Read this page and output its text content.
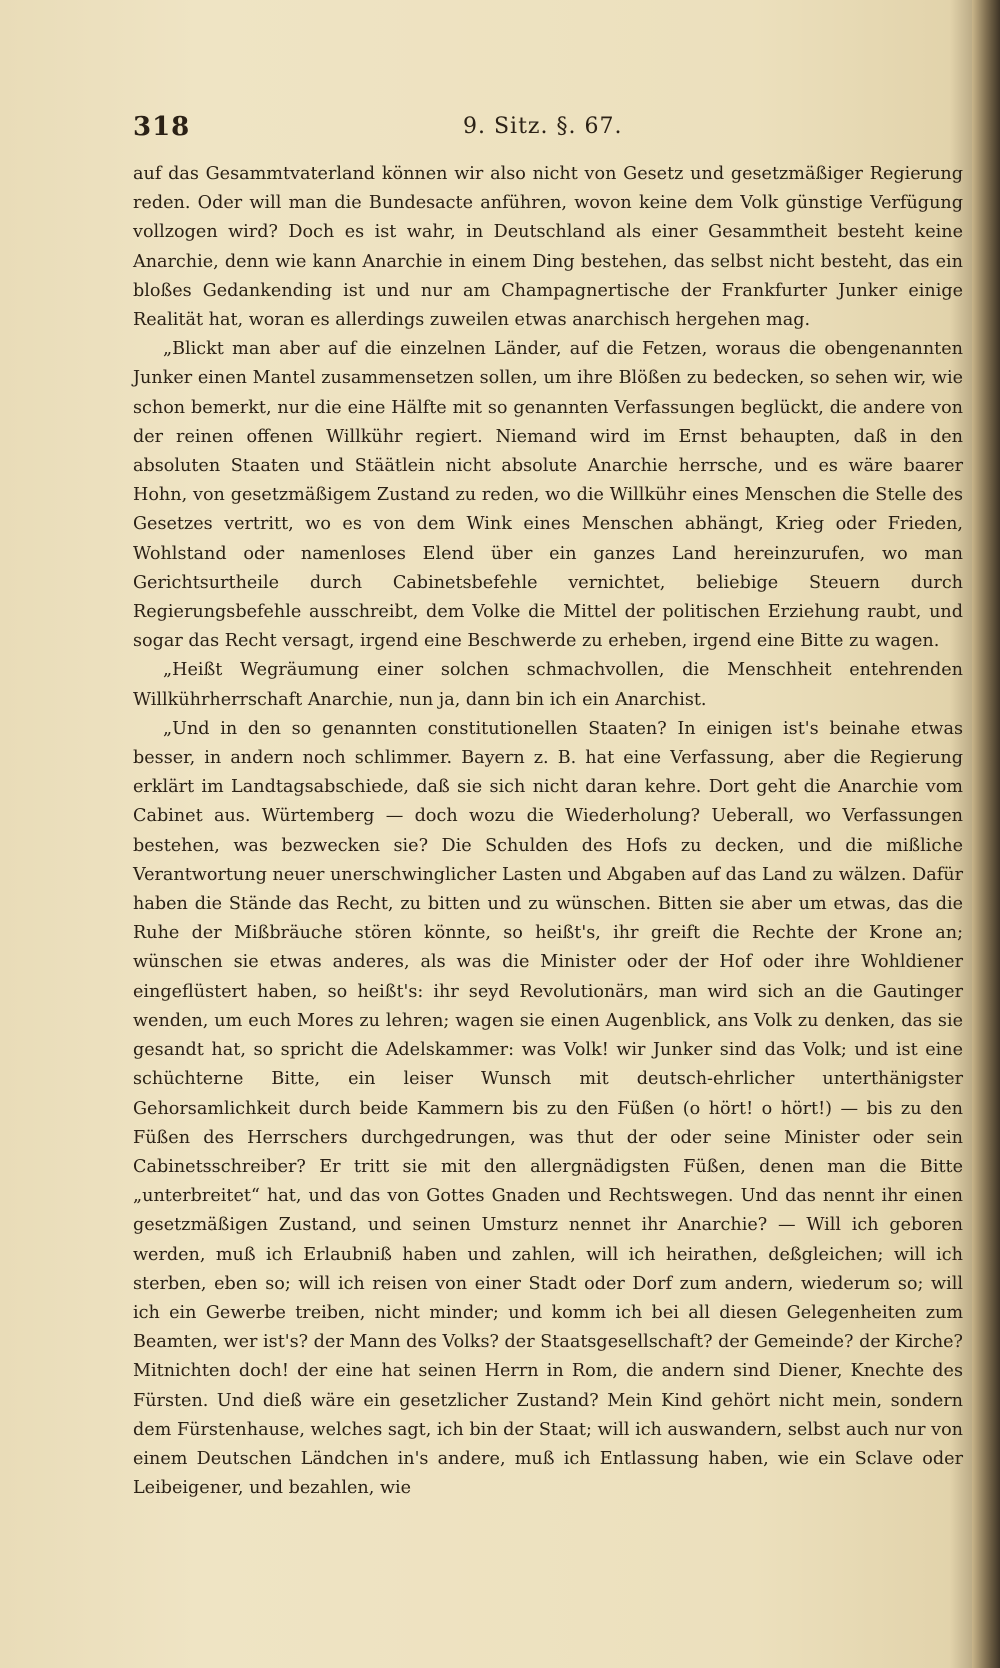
318	9. Sitz. §. 67.

auf das Gesammtvaterland können wir also nicht von Gesetz und gesetzmäßiger Regierung reden. Oder will man die Bundesacte anführen, wovon keine dem Volk günstige Verfügung vollzogen wird? Doch es ist wahr, in Deutschland als einer Gesammtheit besteht keine Anarchie, denn wie kann Anarchie in einem Ding bestehen, das selbst nicht besteht, das ein bloßes Gedankending ist und nur am Champagnertische der Frankfurter Junker einige Realität hat, woran es allerdings zuweilen etwas anarchisch hergehen mag.

„Blickt man aber auf die einzelnen Länder, auf die Fetzen, woraus die obengenannten Junker einen Mantel zusammensetzen sollen, um ihre Blößen zu bedecken, so sehen wir, wie schon bemerkt, nur die eine Hälfte mit so genannten Verfassungen beglückt, die andere von der reinen offenen Willkühr regiert. Niemand wird im Ernst behaupten, daß in den absoluten Staaten und Stäätlein nicht absolute Anarchie herrsche, und es wäre baarer Hohn, von gesetzmäßigem Zustand zu reden, wo die Willkühr eines Menschen die Stelle des Gesetzes vertritt, wo es von dem Wink eines Menschen abhängt, Krieg oder Frieden, Wohlstand oder namenloses Elend über ein ganzes Land hereinzurufen, wo man Gerichtsurtheile durch Cabinetsbefehle vernichtet, beliebige Steuern durch Regierungsbefehle ausschreibt, dem Volke die Mittel der politischen Erziehung raubt, und sogar das Recht versagt, irgend eine Beschwerde zu erheben, irgend eine Bitte zu wagen.

„Heißt Wegräumung einer solchen schmachvollen, die Menschheit entehrenden Willkührherrschaft Anarchie, nun ja, dann bin ich ein Anarchist.

„Und in den so genannten constitutionellen Staaten? In einigen ist's beinahe etwas besser, in andern noch schlimmer. Bayern z. B. hat eine Verfassung, aber die Regierung erklärt im Landtagsabschiede, daß sie sich nicht daran kehre. Dort geht die Anarchie vom Cabinet aus. Würtemberg — doch wozu die Wiederholung? Ueberall, wo Verfassungen bestehen, was bezwecken sie? Die Schulden des Hofs zu decken, und die mißliche Verantwortung neuer unerschwinglicher Lasten und Abgaben auf das Land zu wälzen. Dafür haben die Stände das Recht, zu bitten und zu wünschen. Bitten sie aber um etwas, das die Ruhe der Mißbräuche stören könnte, so heißt's, ihr greift die Rechte der Krone an; wünschen sie etwas anderes, als was die Minister oder der Hof oder ihre Wohldiener eingeflüstert haben, so heißt's: ihr seyd Revolutionärs, man wird sich an die Gautinger wenden, um euch Mores zu lehren; wagen sie einen Augenblick, ans Volk zu denken, das sie gesandt hat, so spricht die Adelskammer: was Volk! wir Junker sind das Volk; und ist eine schüchterne Bitte, ein leiser Wunsch mit deutsch-ehrlicher unterthänigster Gehorsamlichkeit durch beide Kammern bis zu den Füßen (o hört! o hört!) — bis zu den Füßen des Herrschers durchgedrungen, was thut der oder seine Minister oder sein Cabinetsschreiber? Er tritt sie mit den allergnädigsten Füßen, denen man die Bitte „unterbreitet“ hat, und das von Gottes Gnaden und Rechtswegen. Und das nennt ihr einen gesetzmäßigen Zustand, und seinen Umsturz nennet ihr Anarchie? — Will ich geboren werden, muß ich Erlaubniß haben und zahlen, will ich heirathen, deßgleichen; will ich sterben, eben so; will ich reisen von einer Stadt oder Dorf zum andern, wiederum so; will ich ein Gewerbe treiben, nicht minder; und komm ich bei all diesen Gelegenheiten zum Beamten, wer ist's? der Mann des Volks? der Staatsgesellschaft? der Gemeinde? der Kirche? Mitnichten doch! der eine hat seinen Herrn in Rom, die andern sind Diener, Knechte des Fürsten. Und dieß wäre ein gesetzlicher Zustand? Mein Kind gehört nicht mein, sondern dem Fürstenhause, welches sagt, ich bin der Staat; will ich auswandern, selbst auch nur von einem Deutschen Ländchen in's andere, muß ich Entlassung haben, wie ein Sclave oder Leibeigener, und bezahlen, wie
